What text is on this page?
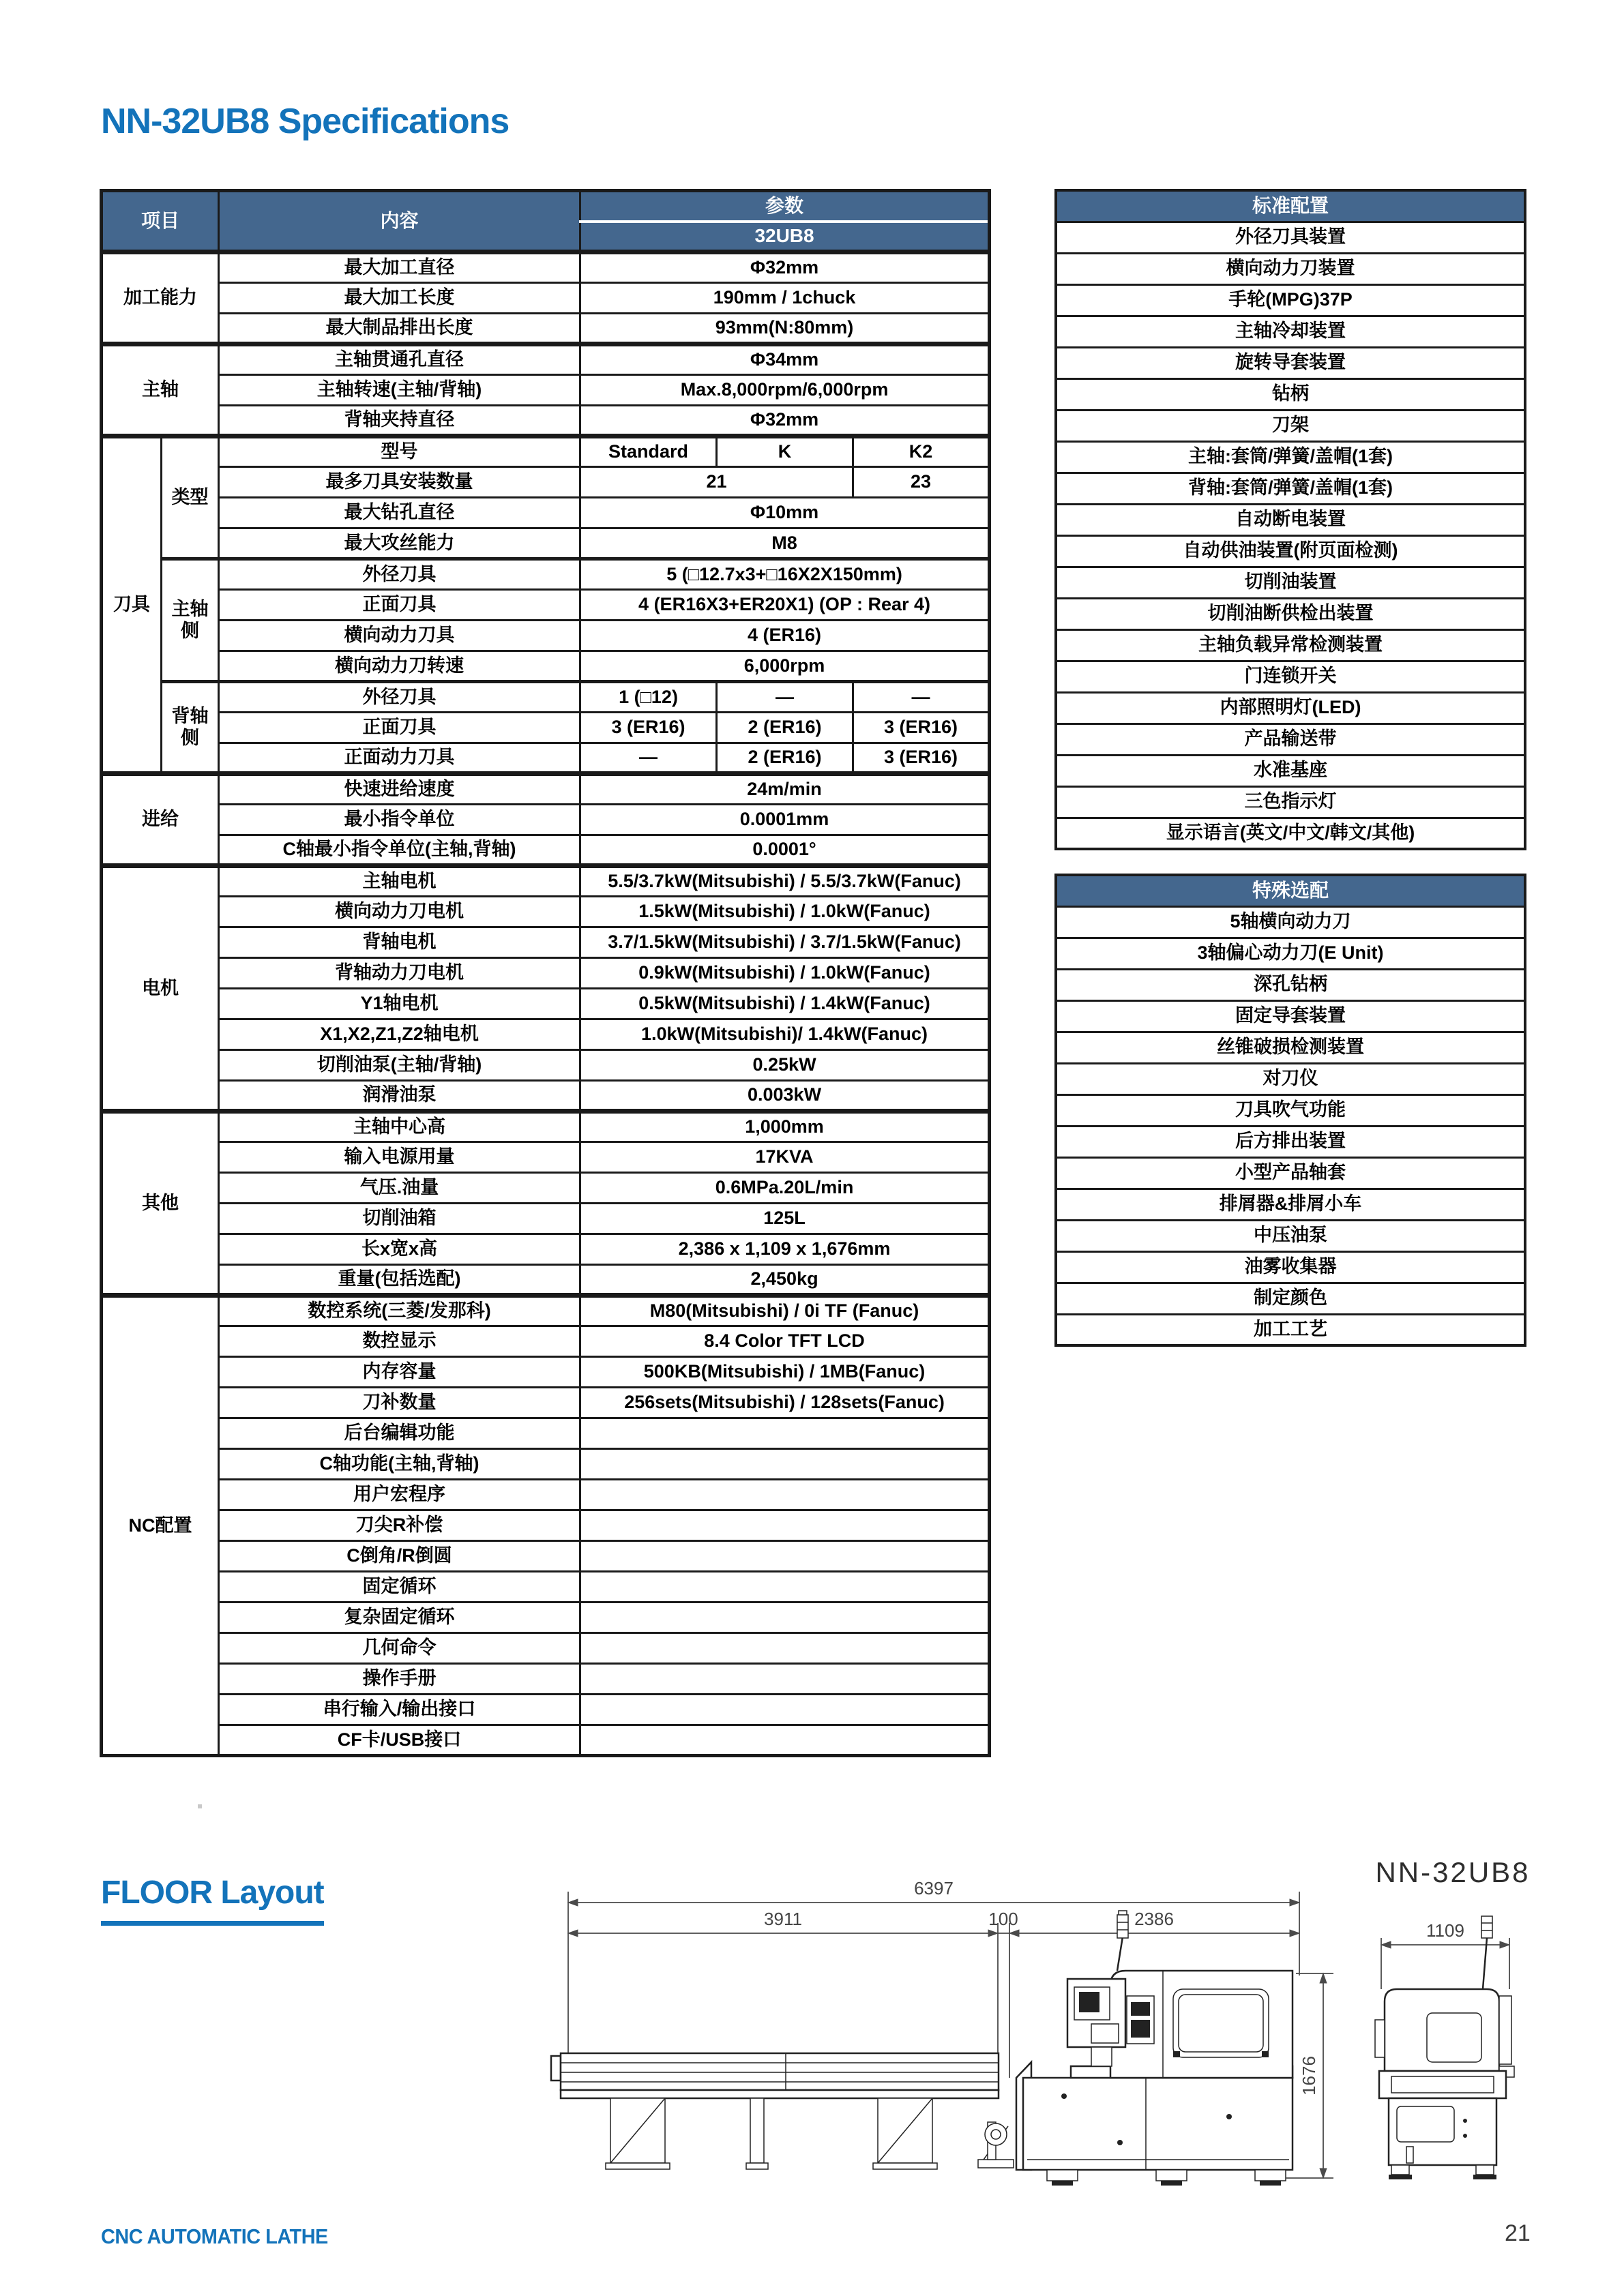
NN-32UB8 Specifications
项目		内容	参数		
			32UB8		
加工能力		最大加工直径	Φ32mm		
		最大加工长度	190mm / 1chuck		
		最大制品排出长度	93mm(N:80mm)		
主轴		主轴贯通孔直径	Φ34mm		
		主轴转速(主轴/背轴)	Max.8,000rpm/6,000rpm		
		背轴夹持直径	Φ32mm		
刀具	类型	型号	Standard	K	K2
		最多刀具安装数量	21		23
		最大钻孔直径	Φ10mm		
		最大攻丝能力	M8		
	主轴侧	外径刀具	5 (□12.7x3+□16X2X150mm)		
		正面刀具	4 (ER16X3+ER20X1) (OP : Rear 4)		
		横向动力刀具	4 (ER16)		
		横向动力刀转速	6,000rpm		
	背轴侧	外径刀具	1 (□12)	—	—
		正面刀具	3 (ER16)	2 (ER16)	3 (ER16)
		正面动力刀具	—	2 (ER16)	3 (ER16)
进给		快速进给速度	24m/min		
		最小指令单位	0.0001mm		
		C轴最小指令单位(主轴,背轴)	0.0001°		
电机		主轴电机	5.5/3.7kW(Mitsubishi) / 5.5/3.7kW(Fanuc)		
		横向动力刀电机	1.5kW(Mitsubishi) / 1.0kW(Fanuc)		
		背轴电机	3.7/1.5kW(Mitsubishi) / 3.7/1.5kW(Fanuc)		
		背轴动力刀电机	0.9kW(Mitsubishi) / 1.0kW(Fanuc)		
		Y1轴电机	0.5kW(Mitsubishi) / 1.4kW(Fanuc)		
		X1,X2,Z1,Z2轴电机	1.0kW(Mitsubishi)/ 1.4kW(Fanuc)		
		切削油泵(主轴/背轴)	0.25kW		
		润滑油泵	0.003kW		
其他		主轴中心高	1,000mm		
		输入电源用量	17KVA		
		气压.油量	0.6MPa.20L/min		
		切削油箱	125L		
		长x宽x高	2,386 x 1,109 x 1,676mm		
		重量(包括选配)	2,450kg		
NC配置		数控系统(三菱/发那科)	M80(Mitsubishi) / 0i TF (Fanuc)		
		数控显示	8.4 Color TFT LCD		
		内存容量	500KB(Mitsubishi) / 1MB(Fanuc)		
		刀补数量	256sets(Mitsubishi) / 128sets(Fanuc)		
		后台编辑功能			
		C轴功能(主轴,背轴)			
		用户宏程序			
		刀尖R补偿			
		C倒角/R倒圆			
		固定循环			
		复杂固定循环			
		几何命令			
		操作手册			
		串行输入/输出接口			
		CF卡/USB接口			
标准配置
外径刀具装置
横向动力刀装置
手轮(MPG)37P
主轴冷却装置
旋转导套装置
钻柄
刀架
主轴:套筒/弹簧/盖帽(1套)
背轴:套筒/弹簧/盖帽(1套)
自动断电装置
自动供油装置(附页面检测)
切削油装置
切削油断供检出装置
主轴负载异常检测装置
门连锁开关
内部照明灯(LED)
产品输送带
水准基座
三色指示灯
显示语言(英文/中文/韩文/其他)
特殊选配
5轴横向动力刀
3轴偏心动力刀(E Unit)
深孔钻柄
固定导套装置
丝锥破损检测装置
对刀仪
刀具吹气功能
后方排出装置
小型产品轴套
排屑器&排屑小车
中压油泵
油雾收集器
制定颜色
加工工艺
FLOOR Layout	6397
3911	100	2386
1676
NN-32UB8
1109
CNC AUTOMATIC LATHE	21
